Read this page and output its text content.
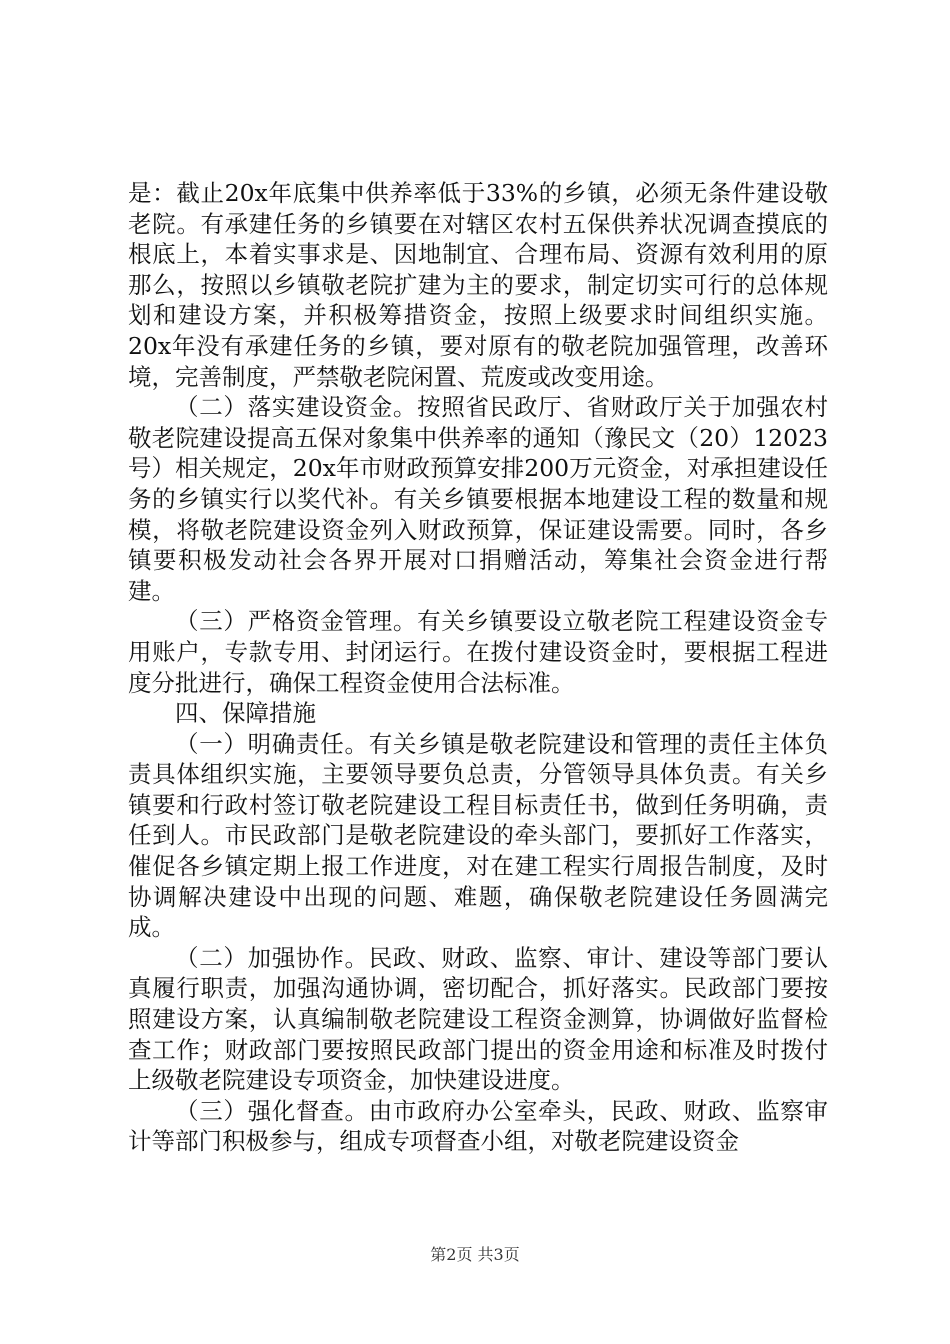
是：截止20x年底集中供养率低于33%的乡镇，必须无条件建设敬老院。有承建任务的乡镇要在对辖区农村五保供养状况调查摸底的根底上，本着实事求是、因地制宜、合理布局、资源有效利用的原那么，按照以乡镇敬老院扩建为主的要求，制定切实可行的总体规划和建设方案，并积极筹措资金，按照上级要求时间组织实施。20x年没有承建任务的乡镇，要对原有的敬老院加强管理，改善环境，完善制度，严禁敬老院闲置、荒废或改变用途。

（二）落实建设资金。按照省民政厅、省财政厅关于加强农村敬老院建设提高五保对象集中供养率的通知（豫民文（20）12023号）相关规定，20x年市财政预算安排200万元资金，对承担建设任务的乡镇实行以奖代补。有关乡镇要根据本地建设工程的数量和规模，将敬老院建设资金列入财政预算，保证建设需要。同时，各乡镇要积极发动社会各界开展对口捐赠活动，筹集社会资金进行帮建。

（三）严格资金管理。有关乡镇要设立敬老院工程建设资金专用账户，专款专用、封闭运行。在拨付建设资金时，要根据工程进度分批进行，确保工程资金使用合法标准。

四、保障措施

（一）明确责任。有关乡镇是敬老院建设和管理的责任主体负责具体组织实施，主要领导要负总责，分管领导具体负责。有关乡镇要和行政村签订敬老院建设工程目标责任书，做到任务明确，责任到人。市民政部门是敬老院建设的牵头部门，要抓好工作落实，催促各乡镇定期上报工作进度，对在建工程实行周报告制度，及时协调解决建设中出现的问题、难题，确保敬老院建设任务圆满完成。

（二）加强协作。民政、财政、监察、审计、建设等部门要认真履行职责，加强沟通协调，密切配合，抓好落实。民政部门要按照建设方案，认真编制敬老院建设工程资金测算，协调做好监督检查工作；财政部门要按照民政部门提出的资金用途和标准及时拨付上级敬老院建设专项资金，加快建设进度。

（三）强化督查。由市政府办公室牵头，民政、财政、监察审计等部门积极参与，组成专项督查小组，对敬老院建设资金

第2页 共3页
